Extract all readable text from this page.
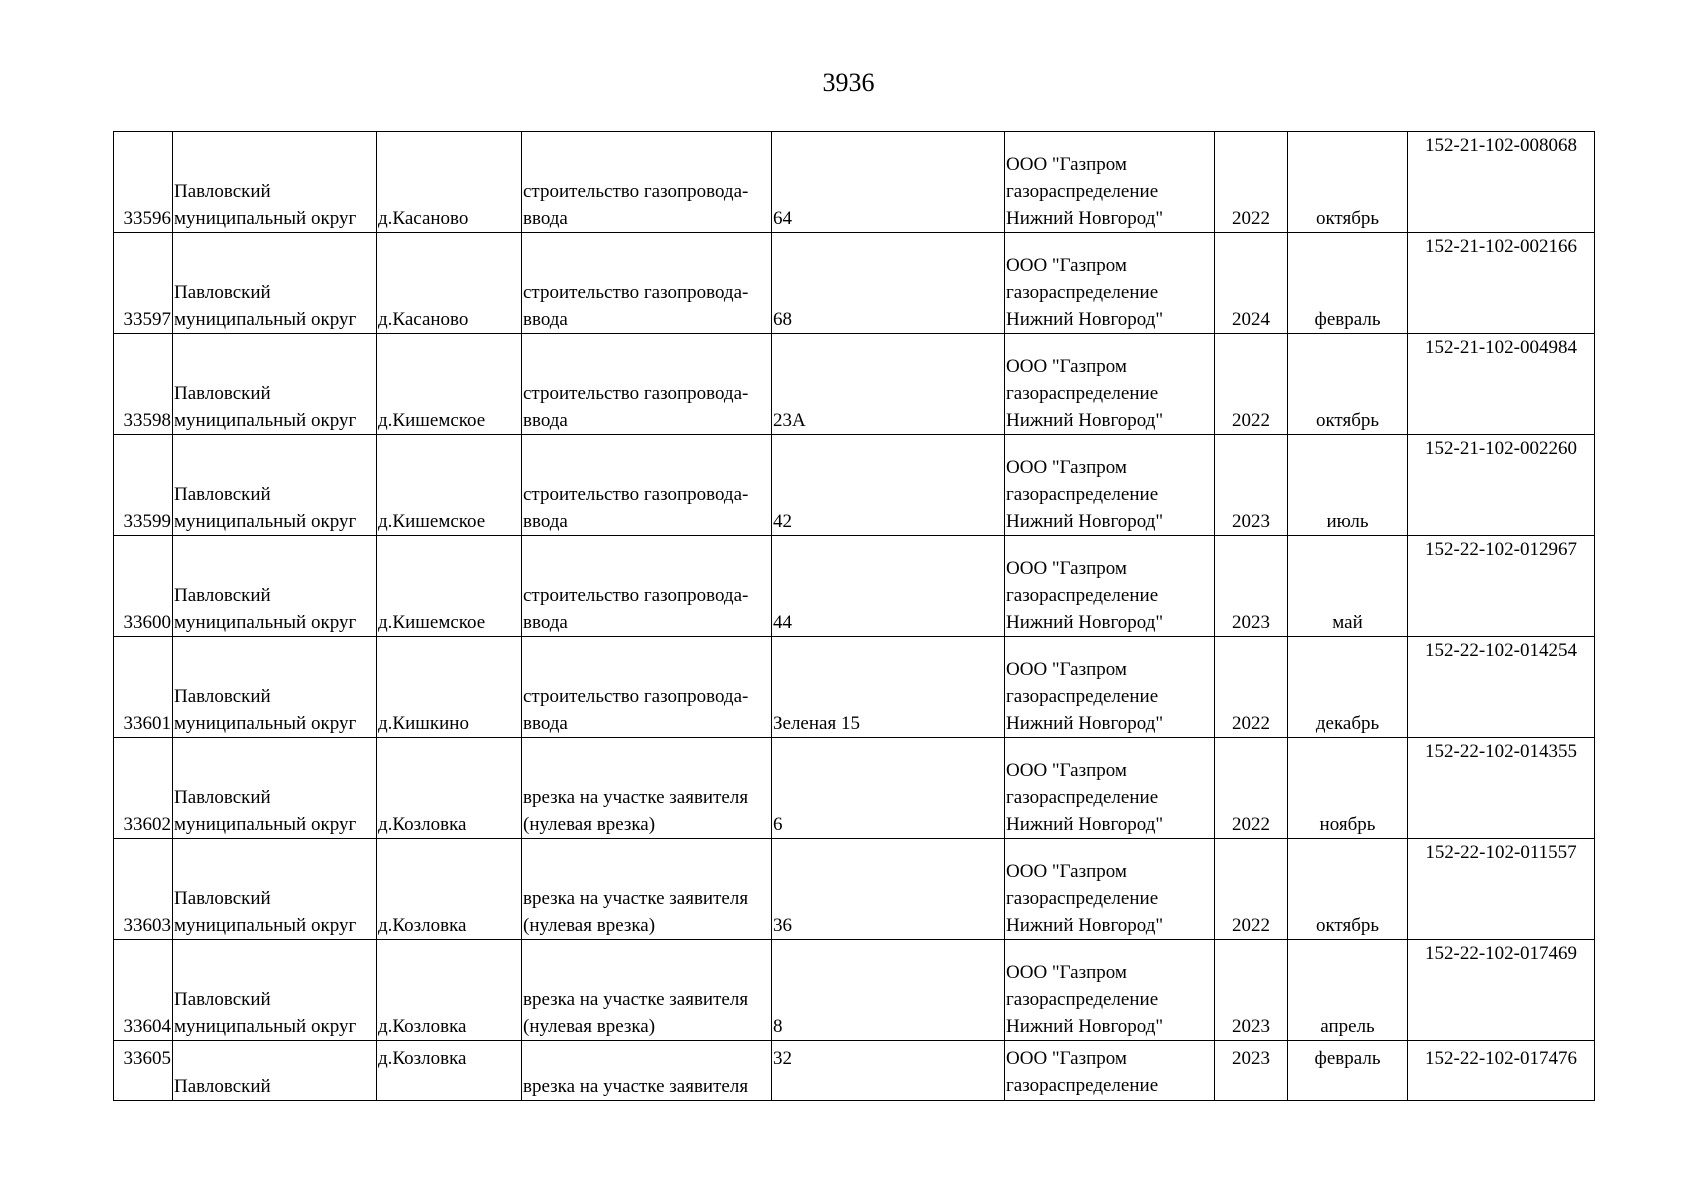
3936
33596	Павловский
муниципальный округ	д.Касаново	строительство газопровода-
ввода	64	ООО "Газпром
газораспределение
Нижний Новгород"	2022	октябрь	152-21-102-008068
33597	Павловский
муниципальный округ	д.Касаново	строительство газопровода-
ввода	68	ООО "Газпром
газораспределение
Нижний Новгород"	2024	февраль	152-21-102-002166
33598	Павловский
муниципальный округ	д.Кишемское	строительство газопровода-
ввода	23А	ООО "Газпром
газораспределение
Нижний Новгород"	2022	октябрь	152-21-102-004984
33599	Павловский
муниципальный округ	д.Кишемское	строительство газопровода-
ввода	42	ООО "Газпром
газораспределение
Нижний Новгород"	2023	июль	152-21-102-002260
33600	Павловский
муниципальный округ	д.Кишемское	строительство газопровода-
ввода	44	ООО "Газпром
газораспределение
Нижний Новгород"	2023	май	152-22-102-012967
33601	Павловский
муниципальный округ	д.Кишкино	строительство газопровода-
ввода	Зеленая 15	ООО "Газпром
газораспределение
Нижний Новгород"	2022	декабрь	152-22-102-014254
33602	Павловский
муниципальный округ	д.Козловка	врезка на участке заявителя
(нулевая врезка)	6	ООО "Газпром
газораспределение
Нижний Новгород"	2022	ноябрь	152-22-102-014355
33603	Павловский
муниципальный округ	д.Козловка	врезка на участке заявителя
(нулевая врезка)	36	ООО "Газпром
газораспределение
Нижний Новгород"	2022	октябрь	152-22-102-011557
33604	Павловский
муниципальный округ	д.Козловка	врезка на участке заявителя
(нулевая врезка)	8	ООО "Газпром
газораспределение
Нижний Новгород"	2023	апрель	152-22-102-017469
33605	Павловский	д.Козловка	врезка на участке заявителя	32	ООО "Газпром
газораспределение	2023	февраль	152-22-102-017476
